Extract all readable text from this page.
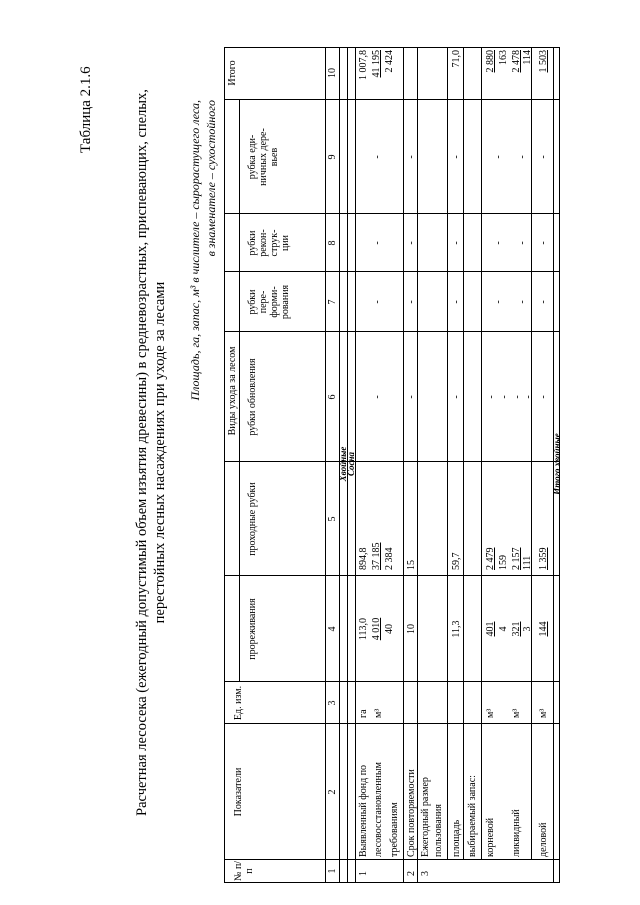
Таблица 2.1.6	Расчетная лесосека (ежегодный допустимый объем изъятия древесины) в средневозрастных, приспевающих, спелых, перестойных лесных насаждениях при уходе за лесами
Площадь, га, запас, м³ в числителе – сырорастущего леса, в знаменателе – сухостойного
№ п/п
Показатели
Ед. изм.
Виды ухода за лесом
прореживания
проходные рубки
рубки обновления
рубки пере- форми- рования
рубки рекон- струк- ции
рубка еди- ничных дере- вьев
Итого
1
2
3
4
5
6
7
8
9
10
Хвойные
Сосна
1
Выявленный фонд по лесовосстановленным требованиям
га м³
113,0 4 010 40
894,8 37 185 2 384
-
-
-
-
1 007,8 41 195 2 424
2
Срок повторяемости
10
15
-
-
-
-
3
Ежегодный размер пользования площадь
11,3
59,7
-
-
-
-
71,0
выбираемый запас: корневой
м³
401 4
2 479 159
- -
-
-
-
2 880 163
ликвидный
м³
321 3
2 157 111
- -
-
-
-
2 478 114
деловой
м³
144
1 359
-
-
-
-
1 503
Итого хвойные
